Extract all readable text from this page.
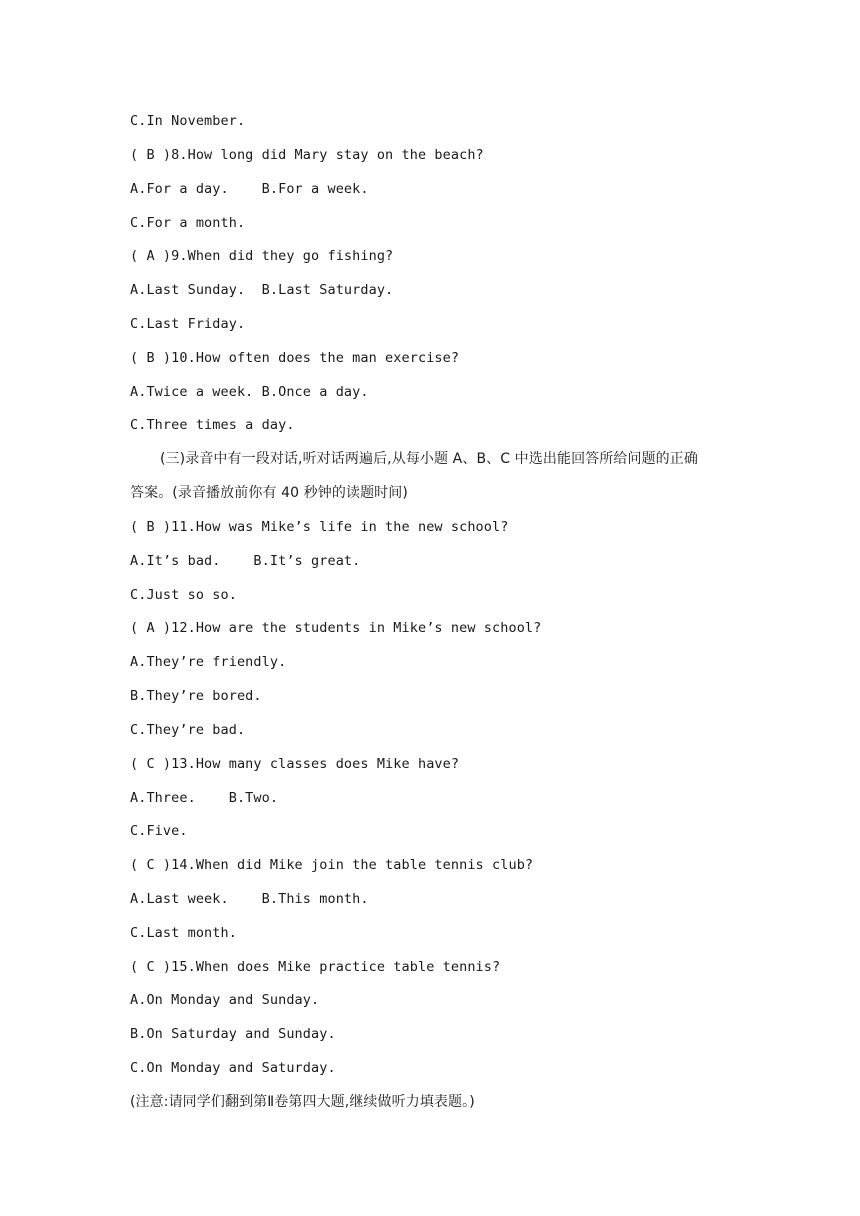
C.In November.
( B )8.How long did Mary stay on the beach?
A.For a day.    B.For a week.
C.For a month.
( A )9.When did they go fishing?
A.Last Sunday.  B.Last Saturday.
C.Last Friday.
( B )10.How often does the man exercise?
A.Twice a week. B.Once a day.
C.Three times a day.
(三)录音中有一段对话,听对话两遍后,从每小题 A、B、C 中选出能回答所给问题的正确
答案。(录音播放前你有 40 秒钟的读题时间)
( B )11.How was Mike’s life in the new school?
A.It’s bad.    B.It’s great.
C.Just so so.
( A )12.How are the students in Mike’s new school?
A.They’re friendly.
B.They’re bored.
C.They’re bad.
( C )13.How many classes does Mike have?
A.Three.    B.Two.
C.Five.
( C )14.When did Mike join the table tennis club?
A.Last week.    B.This month.
C.Last month.
( C )15.When does Mike practice table tennis?
A.On Monday and Sunday.
B.On Saturday and Sunday.
C.On Monday and Saturday.
(注意:请同学们翻到第Ⅱ卷第四大题,继续做听力填表题。)
